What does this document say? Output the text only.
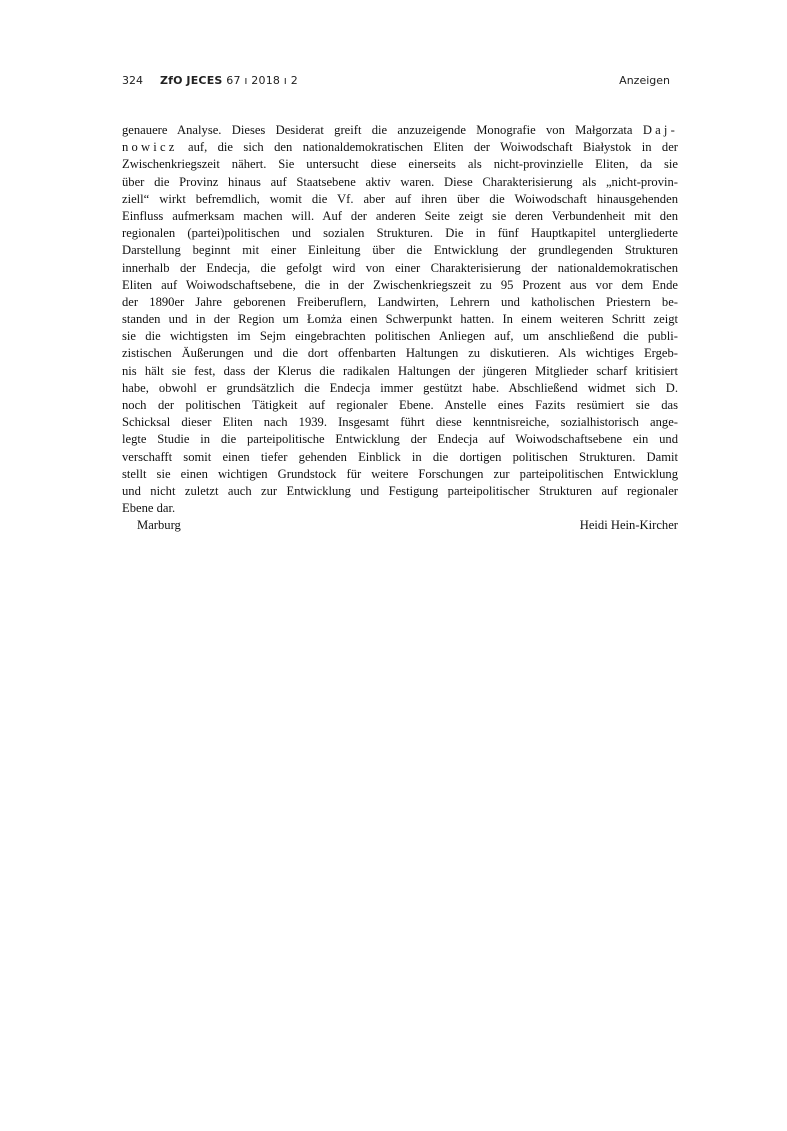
324 ZfO JECES 67 ı 2018 ı 2	Anzeigen
genauere Analyse. Dieses Desiderat greift die anzuzeigende Monografie von Małgorzata Daj-
nowicz auf, die sich den nationaldemokratischen Eliten der Woiwodschaft Białystok in der
Zwischenkriegszeit nähert. Sie untersucht diese einerseits als nicht-provinzielle Eliten, da sie
über die Provinz hinaus auf Staatsebene aktiv waren. Diese Charakterisierung als „nicht-provin-
ziell“ wirkt befremdlich, womit die Vf. aber auf ihren über die Woiwodschaft hinausgehenden
Einfluss aufmerksam machen will. Auf der anderen Seite zeigt sie deren Verbundenheit mit den
regionalen (partei)politischen und sozialen Strukturen. Die in fünf Hauptkapitel untergliederte
Darstellung beginnt mit einer Einleitung über die Entwicklung der grundlegenden Strukturen
innerhalb der Endecja, die gefolgt wird von einer Charakterisierung der nationaldemokratischen
Eliten auf Woiwodschaftsebene, die in der Zwischenkriegszeit zu 95 Prozent aus vor dem Ende
der 1890er Jahre geborenen Freiberuflern, Landwirten, Lehrern und katholischen Priestern be-
standen und in der Region um Łomża einen Schwerpunkt hatten. In einem weiteren Schritt zeigt
sie die wichtigsten im Sejm eingebrachten politischen Anliegen auf, um anschließend die publi-
zistischen Äußerungen und die dort offenbarten Haltungen zu diskutieren. Als wichtiges Ergeb-
nis hält sie fest, dass der Klerus die radikalen Haltungen der jüngeren Mitglieder scharf kritisiert
habe, obwohl er grundsätzlich die Endecja immer gestützt habe. Abschließend widmet sich D.
noch der politischen Tätigkeit auf regionaler Ebene. Anstelle eines Fazits resümiert sie das
Schicksal dieser Eliten nach 1939. Insgesamt führt diese kenntnisreiche, sozialhistorisch ange-
legte Studie in die parteipolitische Entwicklung der Endecja auf Woiwodschaftsebene ein und
verschafft somit einen tiefer gehenden Einblick in die dortigen politischen Strukturen. Damit
stellt sie einen wichtigen Grundstock für weitere Forschungen zur parteipolitischen Entwicklung
und nicht zuletzt auch zur Entwicklung und Festigung parteipolitischer Strukturen auf regionaler
Ebene dar.
Marburg	Heidi Hein-Kircher
